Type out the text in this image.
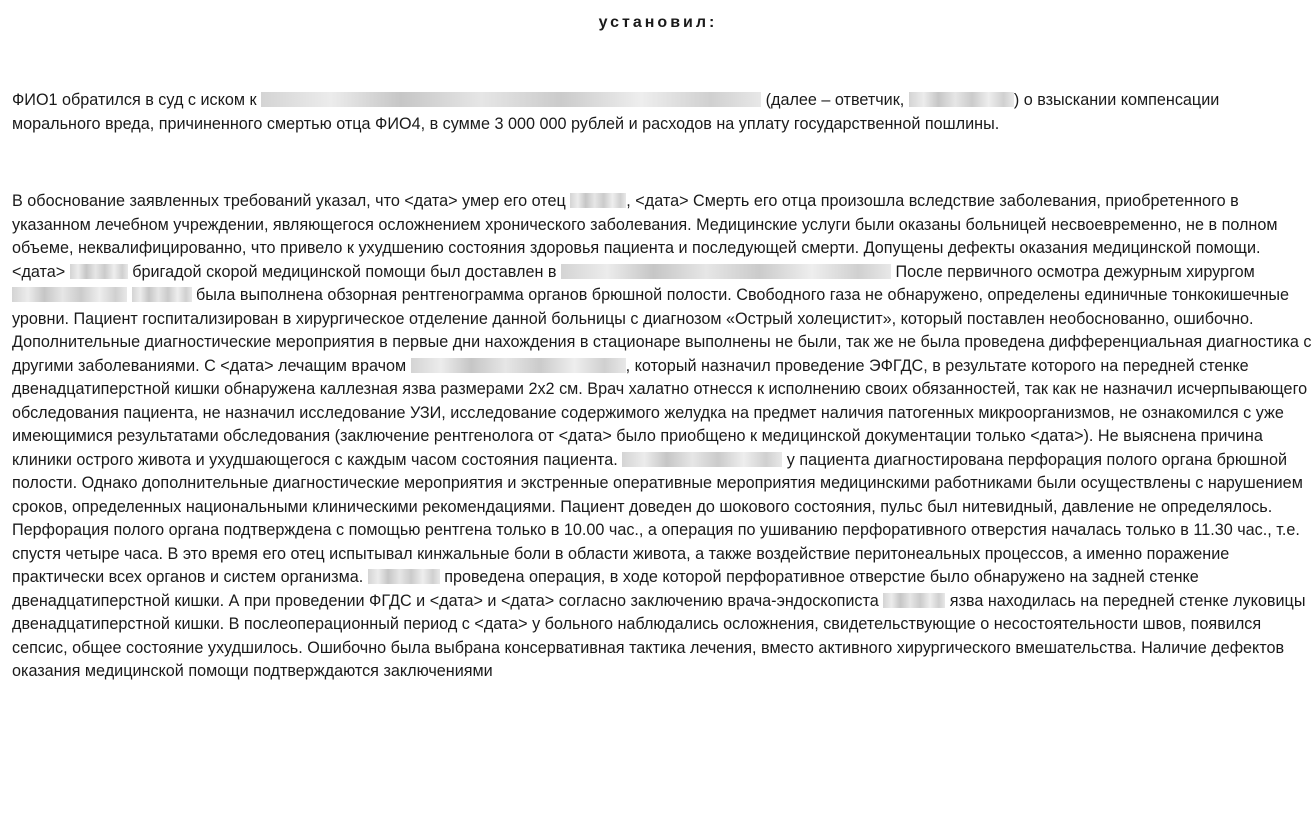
установил:

ФИО1 обратился в суд с иском к	(далее – ответчик,	) о взыскании компенсации морального вреда, причиненного смертью отца ФИО4, в сумме 3 000 000 рублей и расходов на уплату государственной пошлины.

В обоснование заявленных требований указал, что <дата> умер его отец	, <дата> Смерть его отца произошла вследствие заболевания, приобретенного в указанном лечебном учреждении, являющегося осложнением хронического заболевания. Медицинские услуги были оказаны больницей несвоевременно, не в полном объеме, неквалифицированно, что привело к ухудшению состояния здоровья пациента и последующей смерти. Допущены дефекты оказания медицинской помощи. <дата>	бригадой скорой медицинской помощи был доставлен в	После первичного осмотра дежурным хирургом   была выполнена обзорная рентгенограмма органов брюшной полости. Свободного газа не обнаружено, определены единичные тонкокишечные уровни. Пациент госпитализирован в хирургическое отделение данной больницы с диагнозом «Острый холецистит», который поставлен необоснованно, ошибочно. Дополнительные диагностические мероприятия в первые дни нахождения в стационаре выполнены не были, так же не была проведена дифференциальная диагностика с другими заболеваниями. С <дата> лечащим врачом	, который назначил проведение ЭФГДС, в результате которого на передней стенке двенадцатиперстной кишки обнаружена каллезная язва размерами 2х2 см. Врач халатно отнесся к исполнению своих обязанностей, так как не назначил исчерпывающего обследования пациента, не назначил исследование УЗИ, исследование содержимого желудка на предмет наличия патогенных микроорганизмов, не ознакомился с уже имеющимися результатами обследования (заключение рентгенолога от <дата> было приобщено к медицинской документации только <дата>). Не выяснена причина клиники острого живота и ухудшающегося с каждым часом состояния пациента.	у пациента диагностирована перфорация полого органа брюшной полости. Однако дополнительные диагностические мероприятия и экстренные оперативные мероприятия медицинскими работниками были осуществлены с нарушением сроков, определенных национальными клиническими рекомендациями. Пациент доведен до шокового состояния, пульс был нитевидный, давление не определялось. Перфорация полого органа подтверждена с помощью рентгена только в 10.00 час., а операция по ушиванию перфоративного отверстия началась только в 11.30 час., т.е. спустя четыре часа. В это время его отец испытывал кинжальные боли в области живота, а также воздействие перитонеальных процессов, а именно поражение практически всех органов и систем организма.	проведена операция, в ходе которой перфоративное отверстие было обнаружено на задней стенке двенадцатиперстной кишки. А при проведении ФГДС и <дата> и <дата> согласно заключению врача-эндоскописта	язва находилась на передней стенке луковицы двенадцатиперстной кишки. В послеоперационный период с <дата> у больного наблюдались осложнения, свидетельствующие о несостоятельности швов, появился сепсис, общее состояние ухудшилось. Ошибочно была выбрана консервативная тактика лечения, вместо активного хирургического вмешательства. Наличие дефектов оказания медицинской помощи подтверждаются заключениями
